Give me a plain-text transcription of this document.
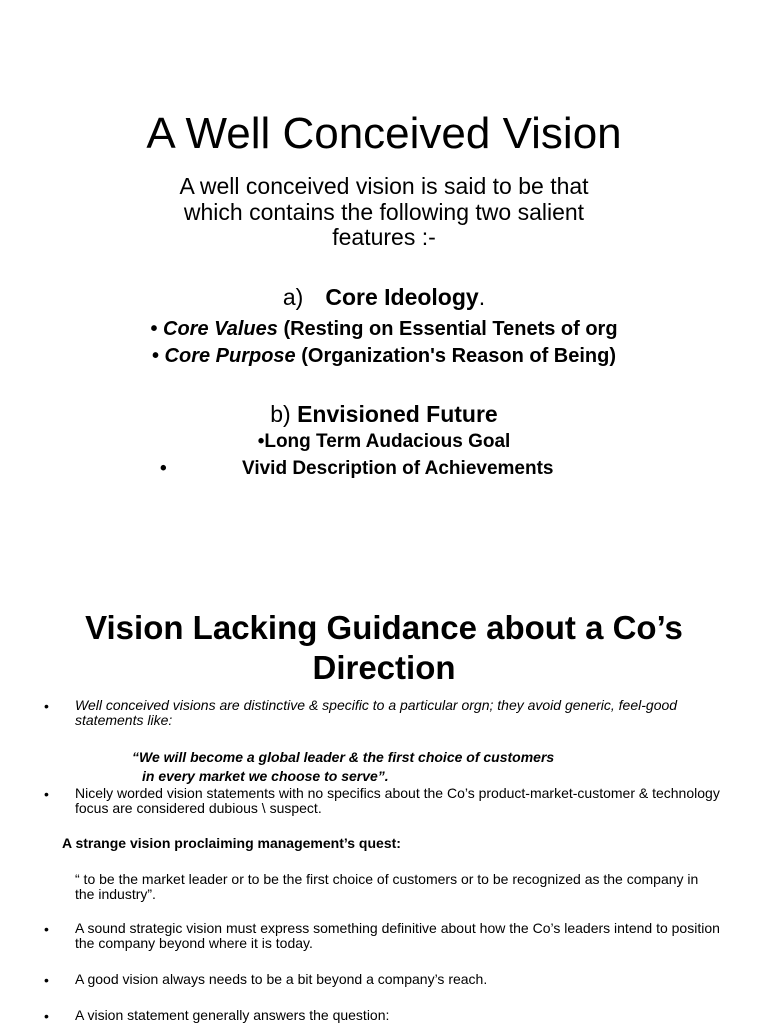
A Well Conceived Vision
A well conceived vision is said to be that
which contains the following two salient
features :-
a) Core Ideology.
• Core Values (Resting on Essential Tenets of org
• Core Purpose (Organization's Reason of Being)
b) Envisioned Future
•Long Term Audacious Goal
•	Vivid Description of Achievements
Vision Lacking Guidance about a Co’s
Direction
• Well conceived visions are distinctive & specific to a particular orgn; they avoid generic, feel-good statements like:
“We will become a global leader & the first choice of customers
in every market we choose to serve”.
• Nicely worded vision statements with no specifics about the Co’s product-market-customer & technology focus are considered dubious \ suspect.
A strange vision proclaiming management’s quest:
“ to be the market leader or to be the first choice of customers or to be recognized as the company in the industry”.
• A sound strategic vision must express something definitive about how the Co’s leaders intend to position the company beyond where it is today.
• A good vision always needs to be a bit beyond a company’s reach.
• A vision statement generally answers the question:
